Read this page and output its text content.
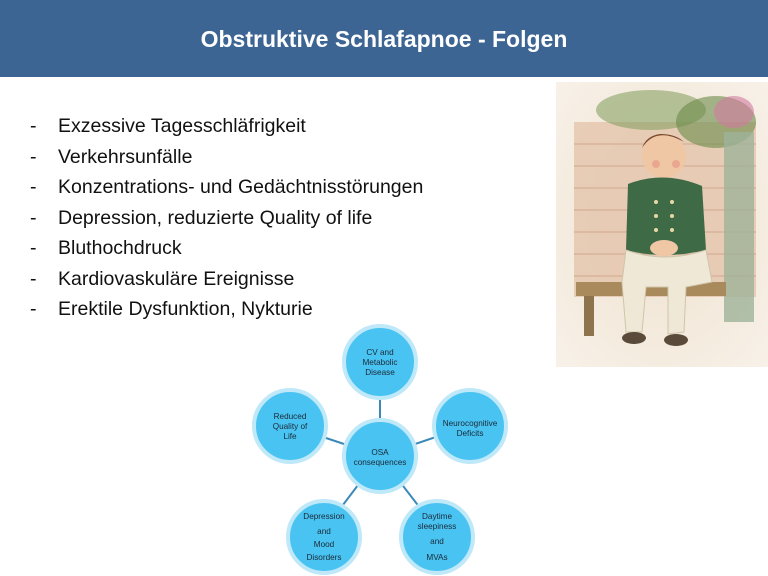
Obstruktive Schlafapnoe - Folgen
- Exzessive Tagesschläfrigkeit
- Verkehrsunfälle
- Konzentrations- und Gedächtnisstörungen
- Depression, reduzierte Quality of life
- Bluthochdruck
- Kardiovaskuläre Ereignisse
- Erektile Dysfunktion, Nykturie
OSA
consequences
CV and
Metabolic
Disease
Neurocognitive
Deficits
Daytime
sleepiness
and
MVAs
Depression
and
Mood
Disorders
Reduced
Quality of
Life
